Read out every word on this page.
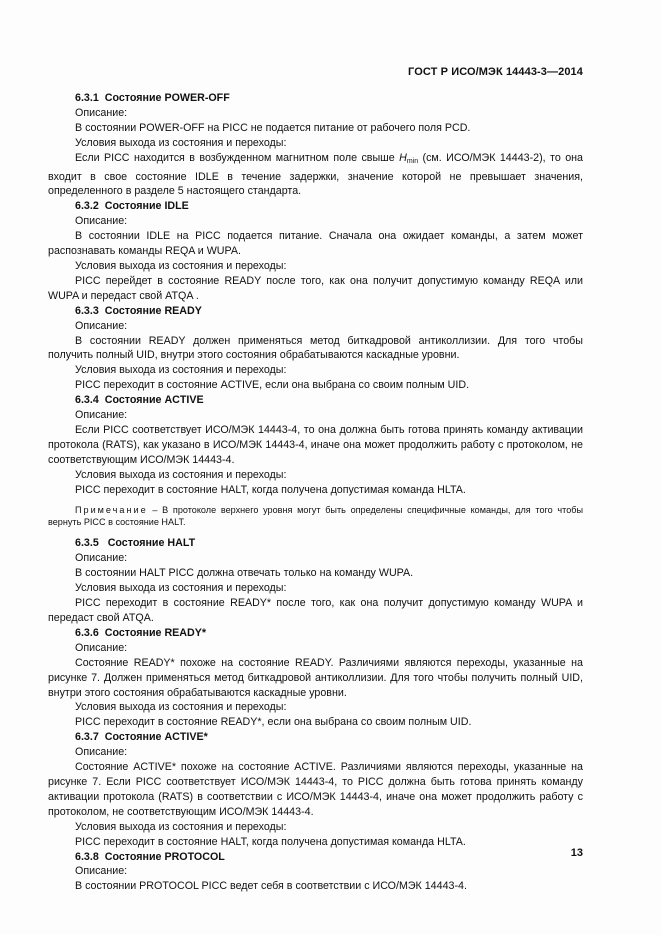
ГОСТ Р ИСО/МЭК 14443-3—2014

6.3.1 Состояние POWER-OFF

Описание:

В состоянии POWER-OFF на PICC не подается питание от рабочего поля PCD.

Условия выхода из состояния и переходы:

Если PICC находится в возбужденном магнитном поле свыше $H_{min}$ (см. ИСО/МЭК 14443-2), то она входит в свое состояние IDLE в течение задержки, значение которой не превышает значения, определенного в разделе 5 настоящего стандарта.

6.3.2 Состояние IDLE

Описание:

В состоянии IDLE на PICC подается питание. Сначала она ожидает команды, а затем может распознавать команды REQA и WUPA.

Условия выхода из состояния и переходы:

PICC перейдет в состояние READY после того, как она получит допустимую команду REQA или WUPA и передаст свой ATQA .

6.3.3 Состояние READY

Описание:

В состоянии READY должен применяться метод биткадровой антиколлизии. Для того чтобы получить полный UID, внутри этого состояния обрабатываются каскадные уровни.

Условия выхода из состояния и переходы:

PICC переходит в состояние ACTIVE, если она выбрана со своим полным UID.

6.3.4 Состояние ACTIVE

Описание:

Если PICC соответствует ИСО/МЭК 14443-4, то она должна быть готова принять команду активации протокола (RATS), как указано в ИСО/МЭК 14443-4, иначе она может продолжить работу с протоколом, не соответствующим ИСО/МЭК 14443-4.

Условия выхода из состояния и переходы:

PICC переходит в состояние HALT, когда получена допустимая команда HLTA.

Примечание – В протоколе верхнего уровня могут быть определены специфичные команды, для того чтобы вернуть PICC в состояние HALT.

6.3.5 Состояние HALT

Описание:

В состоянии HALT PICC должна отвечать только на команду WUPA.

Условия выхода из состояния и переходы:

PICC переходит в состояние READY* после того, как она получит допустимую команду WUPA и передаст свой ATQA.

6.3.6 Состояние READY*

Описание:

Состояние READY* похоже на состояние READY. Различиями являются переходы, указанные на рисунке 7. Должен применяться метод биткадровой антиколлизии. Для того чтобы получить полный UID, внутри этого состояния обрабатываются каскадные уровни.

Условия выхода из состояния и переходы:

PICC переходит в состояние READY*, если она выбрана со своим полным UID.

6.3.7 Состояние ACTIVE*

Описание:

Состояние ACTIVE* похоже на состояние ACTIVE. Различиями являются переходы, указанные на рисунке 7. Если PICC соответствует ИСО/МЭК 14443-4, то PICC должна быть готова принять команду активации протокола (RATS) в соответствии с ИСО/МЭК 14443-4, иначе она может продолжить работу с протоколом, не соответствующим ИСО/МЭК 14443-4.

Условия выхода из состояния и переходы:

PICC переходит в состояние HALT, когда получена допустимая команда HLTA.

6.3.8 Состояние PROTOCOL

Описание:

В состоянии PROTOCOL PICC ведет себя в соответствии с ИСО/МЭК 14443-4.

13
